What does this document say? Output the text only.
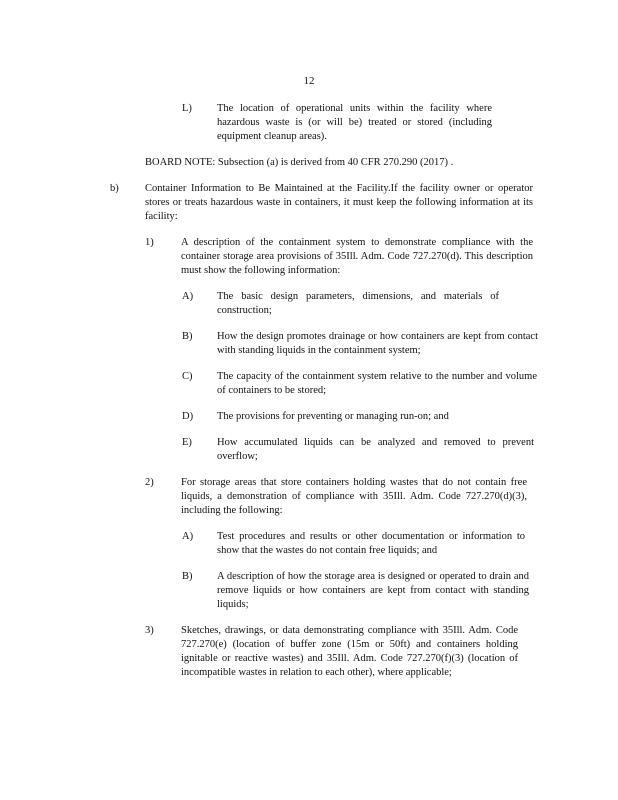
12
L) The location of operational units within the facility where hazardous waste is (or will be) treated or stored (including equipment cleanup areas).
BOARD NOTE: Subsection (a) is derived from 40 CFR 270.290 (2017) .
b)	Container Information to Be Maintained at the Facility.If the facility owner or operator stores or treats hazardous waste in containers, it must keep the following information at its facility:
1)	A description of the containment system to demonstrate compliance with the container storage area provisions of 35Ill. Adm. Code 727.270(d). This description must show the following information:
A) The basic design parameters, dimensions, and materials of construction;
B) How the design promotes drainage or how containers are kept from contact with standing liquids in the containment system;
C) The capacity of the containment system relative to the number and volume of containers to be stored;
D) The provisions for preventing or managing run-on; and
E) How accumulated liquids can be analyzed and removed to prevent overflow;
2)	For storage areas that store containers holding wastes that do not contain free liquids, a demonstration of compliance with 35Ill. Adm. Code 727.270(d)(3), including the following:
A) Test procedures and results or other documentation or information to show that the wastes do not contain free liquids; and
B) A description of how the storage area is designed or operated to drain and remove liquids or how containers are kept from contact with standing liquids;
3)	Sketches, drawings, or data demonstrating compliance with 35Ill. Adm. Code 727.270(e) (location of buffer zone (15m or 50ft) and containers holding ignitable or reactive wastes) and 35Ill. Adm. Code 727.270(f)(3) (location of incompatible wastes in relation to each other), where applicable;
